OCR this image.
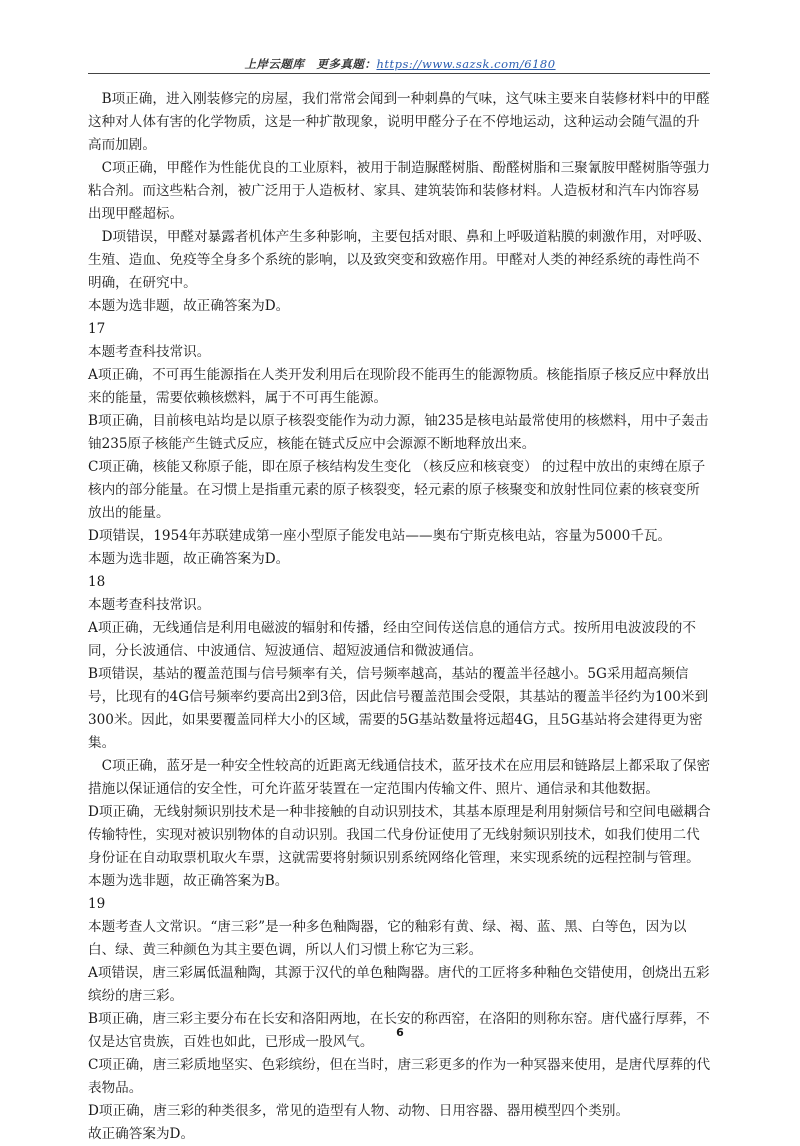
上岸云题库 更多真题：https://www.sazsk.com/6180

B项正确，进入刚装修完的房屋，我们常常会闻到一种刺鼻的气味，这气味主要来自装修材料中的甲醛这种对人体有害的化学物质，这是一种扩散现象，说明甲醛分子在不停地运动，这种运动会随气温的升高而加剧。

C项正确，甲醛作为性能优良的工业原料，被用于制造脲醛树脂、酚醛树脂和三聚氰胺甲醛树脂等强力粘合剂。而这些粘合剂，被广泛用于人造板材、家具、建筑装饰和装修材料。人造板材和汽车内饰容易出现甲醛超标。

D项错误，甲醛对暴露者机体产生多种影响，主要包括对眼、鼻和上呼吸道粘膜的刺激作用，对呼吸、生殖、造血、免疫等全身多个系统的影响，以及致突变和致癌作用。甲醛对人类的神经系统的毒性尚不明确，在研究中。

本题为选非题，故正确答案为D。

17

本题考查科技常识。

A项正确，不可再生能源指在人类开发利用后在现阶段不能再生的能源物质。核能指原子核反应中释放出来的能量，需要依赖核燃料，属于不可再生能源。

B项正确，目前核电站均是以原子核裂变能作为动力源，铀235是核电站最常使用的核燃料，用中子轰击铀235原子核能产生链式反应，核能在链式反应中会源源不断地释放出来。

C项正确，核能又称原子能，即在原子核结构发生变化 （核反应和核衰变） 的过程中放出的束缚在原子核内的部分能量。在习惯上是指重元素的原子核裂变，轻元素的原子核聚变和放射性同位素的核衰变所放出的能量。

D项错误，1954年苏联建成第一座小型原子能发电站——奥布宁斯克核电站，容量为5000千瓦。

本题为选非题，故正确答案为D。

18

本题考查科技常识。

A项正确，无线通信是利用电磁波的辐射和传播，经由空间传送信息的通信方式。按所用电波波段的不同，分长波通信、中波通信、短波通信、超短波通信和微波通信。

B项错误，基站的覆盖范围与信号频率有关，信号频率越高，基站的覆盖半径越小。5G采用超高频信号，比现有的4G信号频率约要高出2到3倍，因此信号覆盖范围会受限，其基站的覆盖半径约为100米到300米。因此，如果要覆盖同样大小的区域，需要的5G基站数量将远超4G，且5G基站将会建得更为密集。

C项正确，蓝牙是一种安全性较高的近距离无线通信技术，蓝牙技术在应用层和链路层上都采取了保密措施以保证通信的安全性，可允许蓝牙装置在一定范围内传输文件、照片、通信录和其他数据。

D项正确，无线射频识别技术是一种非接触的自动识别技术，其基本原理是利用射频信号和空间电磁耦合传输特性，实现对被识别物体的自动识别。我国二代身份证使用了无线射频识别技术，如我们使用二代身份证在自动取票机取火车票，这就需要将射频识别系统网络化管理，来实现系统的远程控制与管理。

本题为选非题，故正确答案为B。

19

本题考查人文常识。“唐三彩”是一种多色釉陶器，它的釉彩有黄、绿、褐、蓝、黑、白等色，因为以白、绿、黄三种颜色为其主要色调，所以人们习惯上称它为三彩。

A项错误，唐三彩属低温釉陶，其源于汉代的单色釉陶器。唐代的工匠将多种釉色交错使用，创烧出五彩缤纷的唐三彩。

B项正确，唐三彩主要分布在长安和洛阳两地，在长安的称西窑，在洛阳的则称东窑。唐代盛行厚葬，不仅是达官贵族，百姓也如此，已形成一股风气。

C项正确，唐三彩质地坚实、色彩缤纷，但在当时，唐三彩更多的作为一种冥器来使用，是唐代厚葬的代表物品。

D项正确，唐三彩的种类很多，常见的造型有人物、动物、日用容器、器用模型四个类别。

故正确答案为D。

6
